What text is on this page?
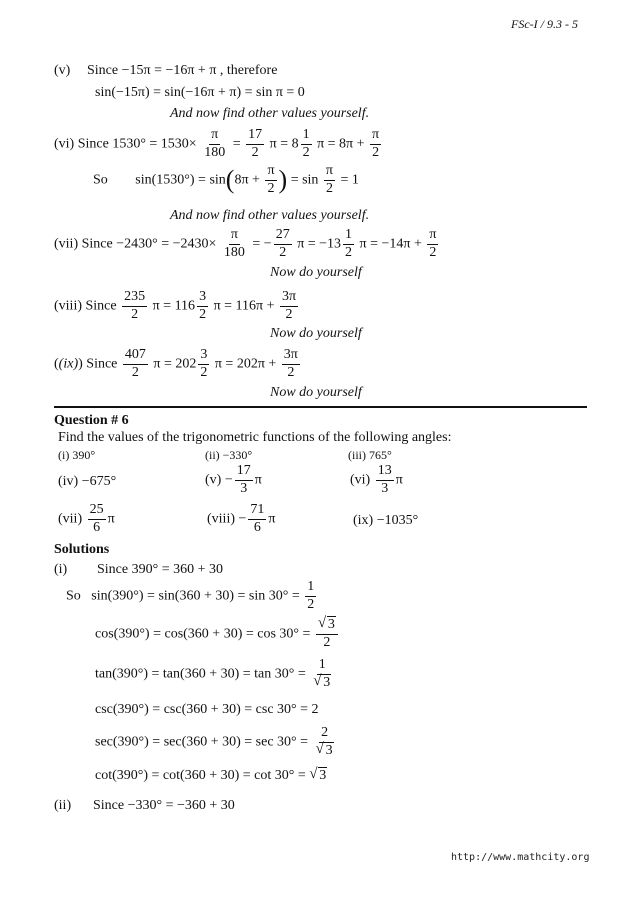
FSc-I / 9.3 - 5
(v) Since −15π = −16π + π , therefore
sin(−15π) = sin(−16π + π) = sin π = 0
And now find other values yourself.
(vi) Since $1530^\circ = 1530\times \frac{\pi}{180} = \frac{17}{2}$ $\pi = 8 \frac{1}{2}$ $\pi = 8\pi + \frac{\pi}{2}$
So $\sin(1530^\circ) = \sin(8\pi + \frac{\pi}{2}$ ) = $\sin \frac{\pi}{2} = 1$
And now find other values yourself.
(vii) Since $-2430^\circ = -2430\times \frac{\pi}{180}$ = − $\frac{27}{2}$ $\pi = -13 \frac{1}{2}$ $\pi = -14\pi + \frac{\pi}{2}$
Now do yourself
(viii) Since $\frac{235}{2}$ $\pi = 116 \frac{3}{2}$ $\pi = 116\pi + \frac{3\pi}{2}$
Now do yourself
((ix)) Since $\frac{407}{2}$ $\pi = 202 \frac{3}{2}$ $\pi = 202\pi + \frac{3\pi}{2}$
Now do yourself
Question # 6
Find the values of the trigonometric functions of the following angles:
(i) 390°	(ii) −330°	(iii) 765°
(iv) −675°	$(v) - \frac{17}{3}$ π	$(vi) \frac{13}{3}$ π
$(vii) \frac{25}{6}$ π	(viii) − $\frac{71}{6}$ π	(ix) −1035°
Solutions
(i) Since 390° = 360 + 30
So $\sin(390^\circ) = \sin(360 + 30) = \sin 30^\circ = \frac{1}{2}$
$\cos(390^\circ) = \cos(360 + 30) = \cos 30^\circ = \frac{√ 3}{2}$
$\tan(390^\circ) = \tan(360 + 30) = \tan 30^\circ = \frac{1}{√ 3}$
csc(390°) = csc(360 + 30) = csc 30° = 2
$\sec(390^\circ) = \sec(360 + 30) = \sec 30^\circ = \frac{2}{√ 3}$
cot(390°) = cot(360 + 30) = cot 30° = √ 3
(ii) Since −330° = −360 + 30
http://www.mathcity.org
